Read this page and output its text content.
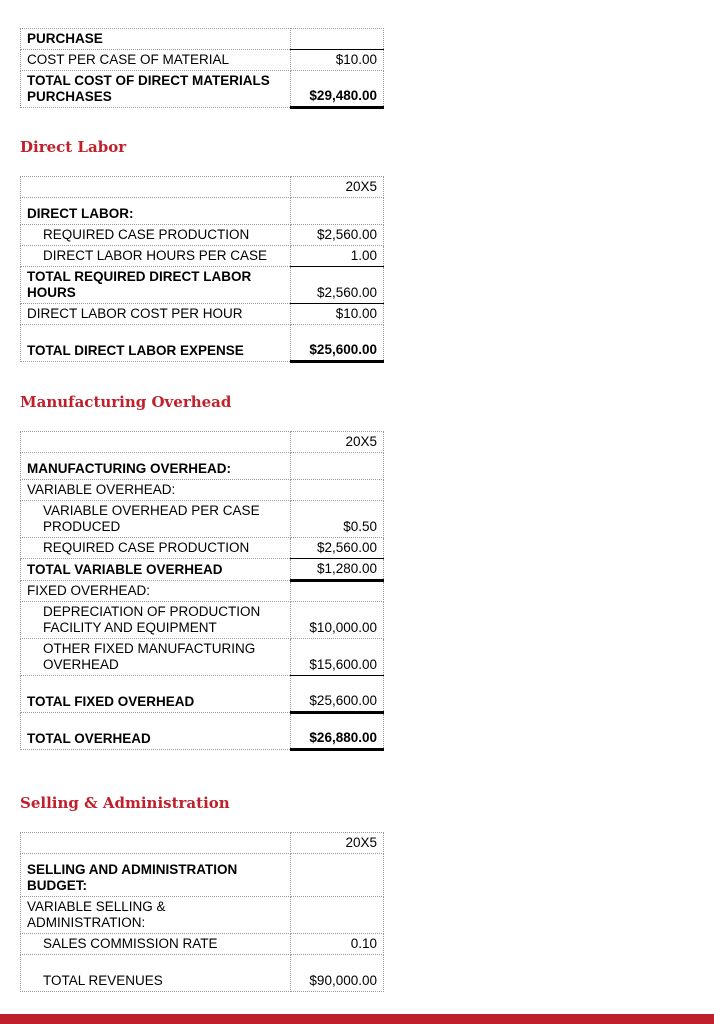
PURCHASE	
COST PER CASE OF MATERIAL	$10.00
TOTAL COST OF DIRECT MATERIALS
PURCHASES	$29,480.00
Direct Labor
	20X5
DIRECT LABOR:	
REQUIRED CASE PRODUCTION	$2,560.00
DIRECT LABOR HOURS PER CASE	1.00
TOTAL REQUIRED DIRECT LABOR
HOURS	$2,560.00
DIRECT LABOR COST PER HOUR	$10.00
TOTAL DIRECT LABOR EXPENSE	$25,600.00
Manufacturing Overhead
	20X5
MANUFACTURING OVERHEAD:	
VARIABLE OVERHEAD:	
VARIABLE OVERHEAD PER CASE
PRODUCED	$0.50
REQUIRED CASE PRODUCTION	$2,560.00
TOTAL VARIABLE OVERHEAD	$1,280.00
FIXED OVERHEAD:	
DEPRECIATION OF PRODUCTION
FACILITY AND EQUIPMENT	$10,000.00
OTHER FIXED MANUFACTURING
OVERHEAD	$15,600.00
TOTAL FIXED OVERHEAD	$25,600.00
TOTAL OVERHEAD	$26,880.00
Selling & Administration
	20X5
SELLING AND ADMINISTRATION
BUDGET:	
VARIABLE SELLING &
ADMINISTRATION:	
SALES COMMISSION RATE	0.10
TOTAL REVENUES	$90,000.00
